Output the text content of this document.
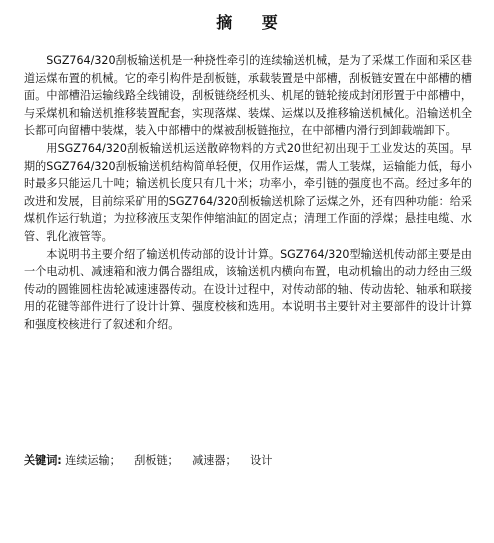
摘 要

SGZ764/320刮板输送机是一种挠性牵引的连续输送机械，是为了采煤工作面和采区巷道运煤布置的机械。它的牵引构件是刮板链，承载装置是中部槽，刮板链安置在中部槽的槽面。中部槽沿运输线路全线铺设，刮板链绕经机头、机尾的链轮接成封闭形置于中部槽中，与采煤机和输送机推移装置配套，实现落煤、装煤、运煤以及推移输送机械化。沿输送机全长都可向留槽中装煤，装入中部槽中的煤被刮板链拖拉，在中部槽内滑行到卸载端卸下。

用SGZ764/320刮板输送机运送散碎物料的方式20世纪初出现于工业发达的英国。早期的SGZ764/320刮板输送机结构简单轻便，仅用作运煤，需人工装煤，运输能力低，每小时最多只能运几十吨；输送机长度只有几十米；功率小，牵引链的强度也不高。经过多年的改进和发展，目前综采矿用的SGZ764/320刮板输送机除了运煤之外，还有四种功能：给采煤机作运行轨道；为拉移液压支架作伸缩油缸的固定点；清理工作面的浮煤；悬挂电缆、水管、乳化液管等。

本说明书主要介绍了输送机传动部的设计计算。SGZ764/320型输送机传动部主要是由一个电动机、减速箱和液力偶合器组成，该输送机内横向布置，电动机输出的动力经由三级传动的圆锥圆柱齿轮减速速器传动。在设计过程中，对传动部的轴、传动齿轮、轴承和联接用的花键等部件进行了设计计算、强度校核和选用。本说明书主要针对主要部件的设计计算和强度校核进行了叙述和介绍。

关键词: 连续运输； 刮板链； 减速器； 设计
